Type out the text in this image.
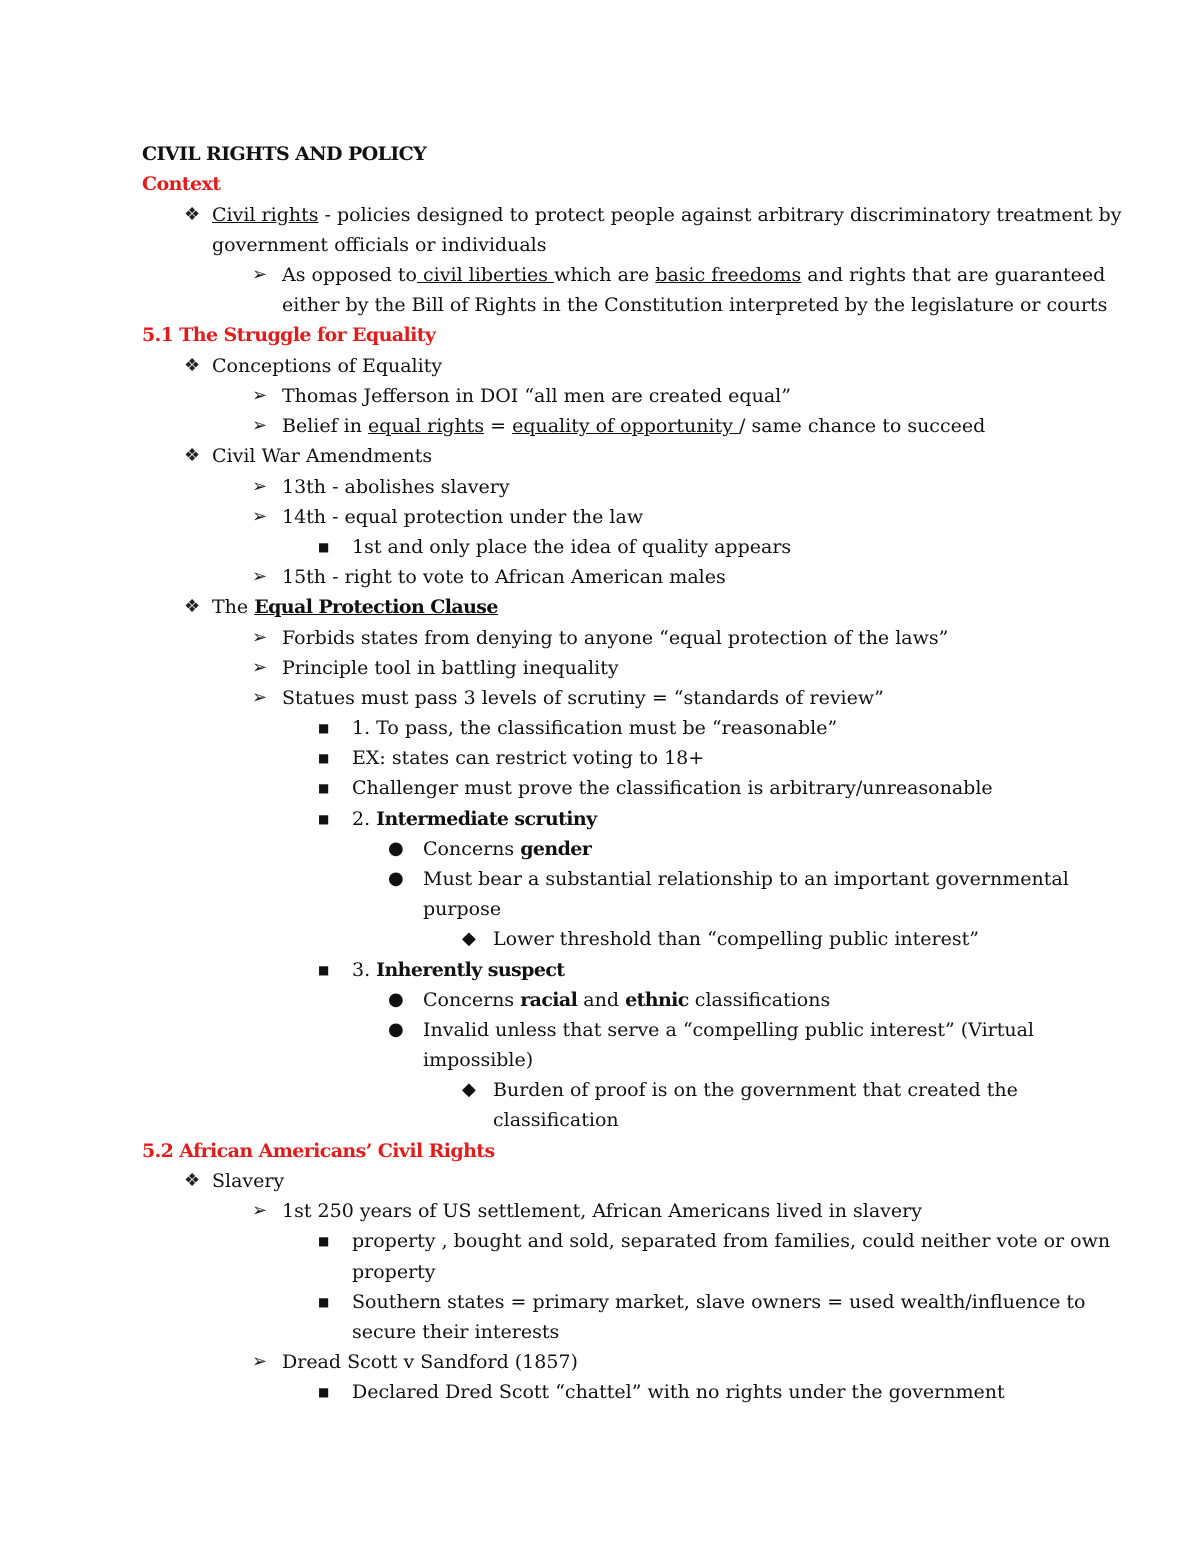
CIVIL RIGHTS AND POLICY
Context
❖ Civil rights - policies designed to protect people against arbitrary discriminatory treatment by
government officials or individuals
➢ As opposed to civil liberties which are basic freedoms and rights that are guaranteed
either by the Bill of Rights in the Constitution interpreted by the legislature or courts
5.1 The Struggle for Equality
❖ Conceptions of Equality
➢ Thomas Jefferson in DOI “all men are created equal”
➢ Belief in equal rights = equality of opportunity / same chance to succeed
❖ Civil War Amendments
➢ 13th - abolishes slavery
➢ 14th - equal protection under the law
■ 1st and only place the idea of quality appears
➢ 15th - right to vote to African American males
❖ The Equal Protection Clause
➢ Forbids states from denying to anyone “equal protection of the laws”
➢ Principle tool in battling inequality
➢ Statues must pass 3 levels of scrutiny = “standards of review”
■ 1. To pass, the classification must be “reasonable”
■ EX: states can restrict voting to 18+
■ Challenger must prove the classification is arbitrary/unreasonable
■ 2. Intermediate scrutiny
● Concerns gender
● Must bear a substantial relationship to an important governmental
purpose
◆ Lower threshold than “compelling public interest”
■ 3. Inherently suspect
● Concerns racial and ethnic classifications
● Invalid unless that serve a “compelling public interest” (Virtual
impossible)
◆ Burden of proof is on the government that created the
classification
5.2 African Americans’ Civil Rights
❖ Slavery
➢ 1st 250 years of US settlement, African Americans lived in slavery
■ property , bought and sold, separated from families, could neither vote or own
property
■ Southern states = primary market, slave owners = used wealth/influence to
secure their interests
➢ Dread Scott v Sandford (1857)
■ Declared Dred Scott “chattel” with no rights under the government
